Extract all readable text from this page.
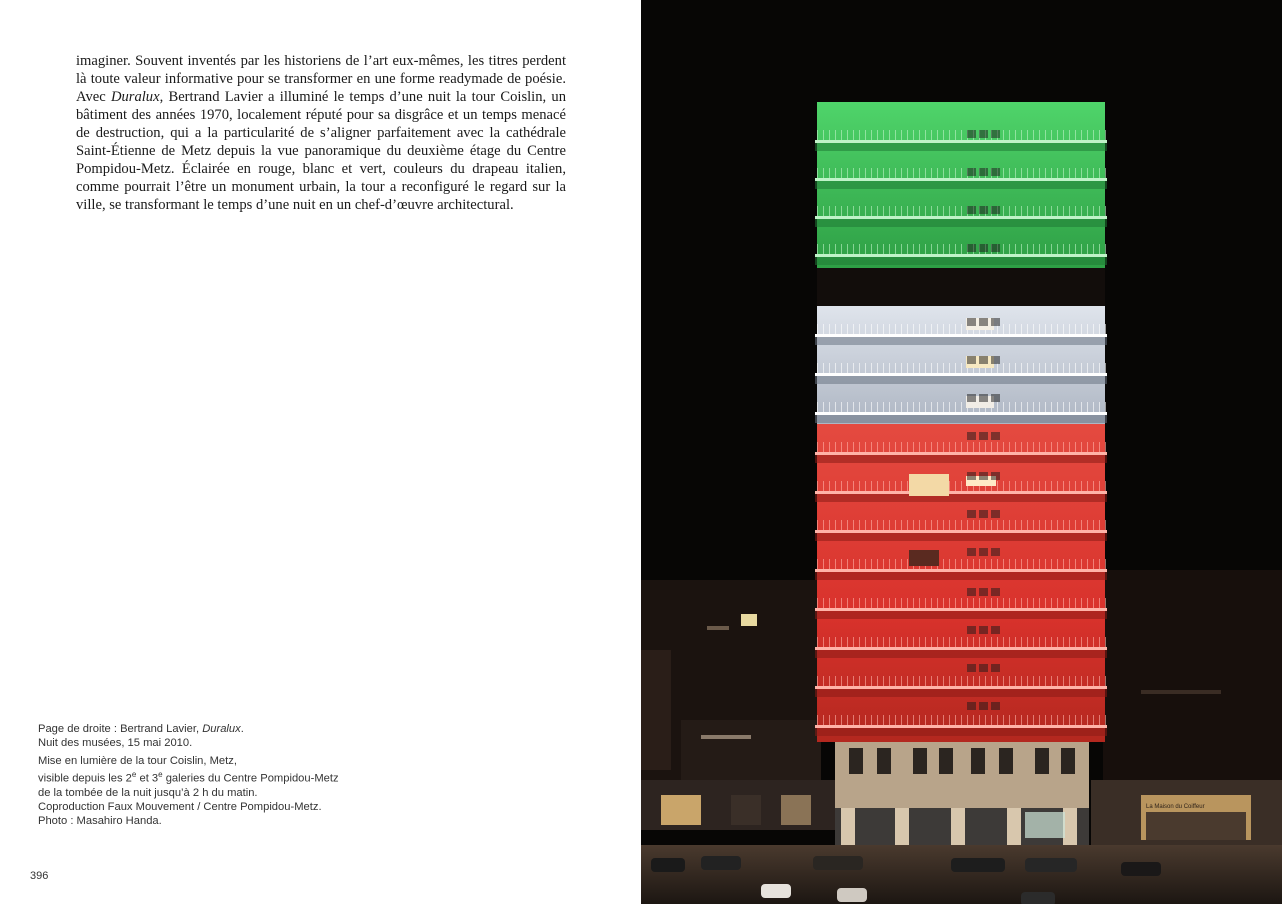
imaginer. Souvent inventés par les historiens de l’art eux-mêmes, les titres perdent là toute valeur informative pour se transformer en une forme readymade de poésie. Avec Duralux, Bertrand Lavier a illuminé le temps d’une nuit la tour Coislin, un bâtiment des années 1970, localement réputé pour sa disgrâce et un temps menacé de destruction, qui a la particularité de s’aligner parfaitement avec la cathédrale Saint-Étienne de Metz depuis la vue panoramique du deuxième étage du Centre Pompidou-Metz. Éclairée en rouge, blanc et vert, couleurs du drapeau italien, comme pourrait l’être un monument urbain, la tour a reconfiguré le regard sur la ville, se transformant le temps d’une nuit en un chef-d’œuvre architectural.

Page de droite : Bertrand Lavier, Duralux.
Nuit des musées, 15 mai 2010.
Mise en lumière de la tour Coislin, Metz,
visible depuis les 2e et 3e galeries du Centre Pompidou-Metz
de la tombée de la nuit jusqu’à 2 h du matin.
Coproduction Faux Mouvement / Centre Pompidou-Metz.
Photo : Masahiro Handa.
396
La Maison du Coiffeur
